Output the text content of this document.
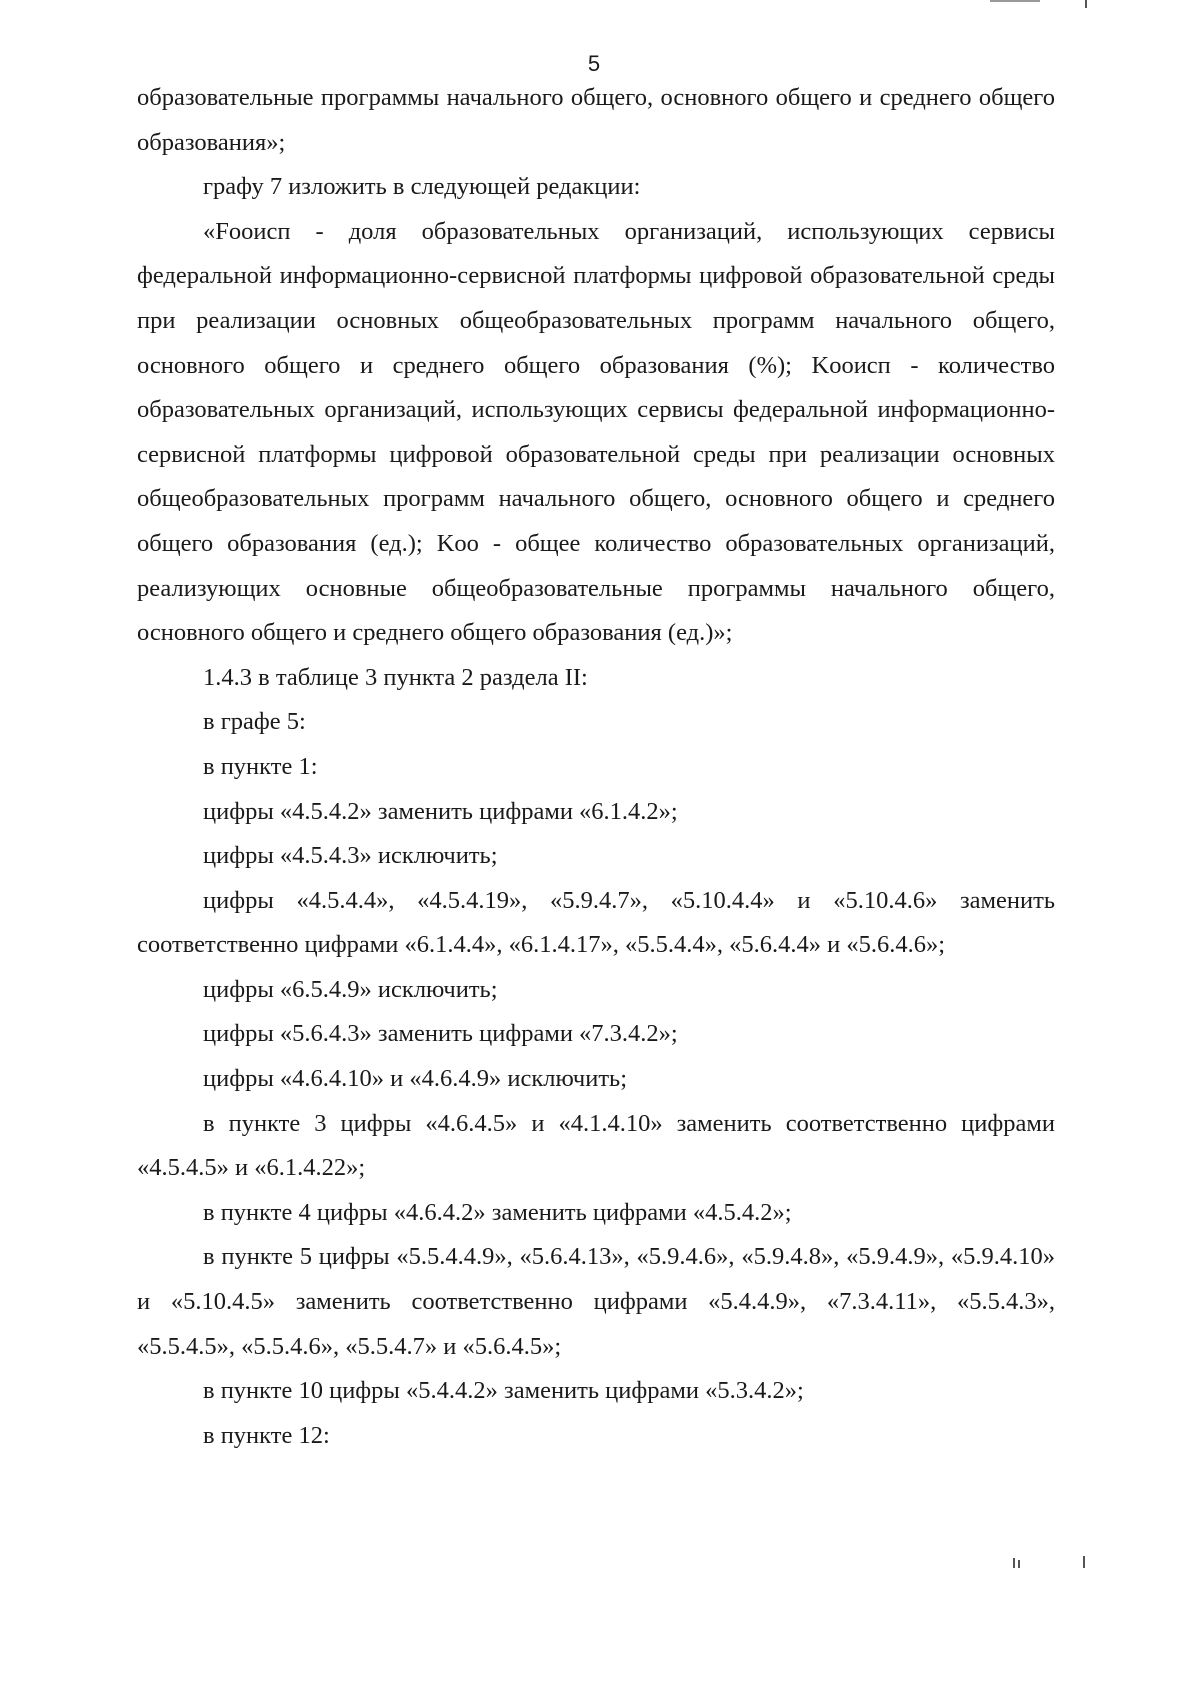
5

образовательные программы начального общего, основного общего и среднего общего образования»;

графу 7 изложить в следующей редакции:

«Fooисп - доля образовательных организаций, использующих сервисы федеральной информационно-сервисной платформы цифровой образовательной среды при реализации основных общеобразовательных программ начального общего, основного общего и среднего общего образования (%); Kooисп - количество образовательных организаций, использующих сервисы федеральной информационно-сервисной платформы цифровой образовательной среды при реализации основных общеобразовательных программ начального общего, основного общего и среднего общего образования (ед.); Koo - общее количество образовательных организаций, реализующих основные общеобразовательные программы начального общего, основного общего и среднего общего образования (ед.)»;

1.4.3 в таблице 3 пункта 2 раздела II:

в графе 5:

в пункте 1:

цифры «4.5.4.2» заменить цифрами «6.1.4.2»;

цифры «4.5.4.3» исключить;

цифры «4.5.4.4», «4.5.4.19», «5.9.4.7», «5.10.4.4» и «5.10.4.6» заменить соответственно цифрами «6.1.4.4», «6.1.4.17», «5.5.4.4», «5.6.4.4» и «5.6.4.6»;

цифры «6.5.4.9» исключить;

цифры «5.6.4.3» заменить цифрами «7.3.4.2»;

цифры «4.6.4.10» и «4.6.4.9» исключить;

в пункте 3 цифры «4.6.4.5» и «4.1.4.10» заменить соответственно цифрами «4.5.4.5» и «6.1.4.22»;

в пункте 4 цифры «4.6.4.2» заменить цифрами «4.5.4.2»;

в пункте 5 цифры «5.5.4.4.9», «5.6.4.13», «5.9.4.6», «5.9.4.8», «5.9.4.9», «5.9.4.10» и «5.10.4.5» заменить соответственно цифрами «5.4.4.9», «7.3.4.11», «5.5.4.3», «5.5.4.5», «5.5.4.6», «5.5.4.7» и «5.6.4.5»;

в пункте 10 цифры «5.4.4.2» заменить цифрами «5.3.4.2»;

в пункте 12:
